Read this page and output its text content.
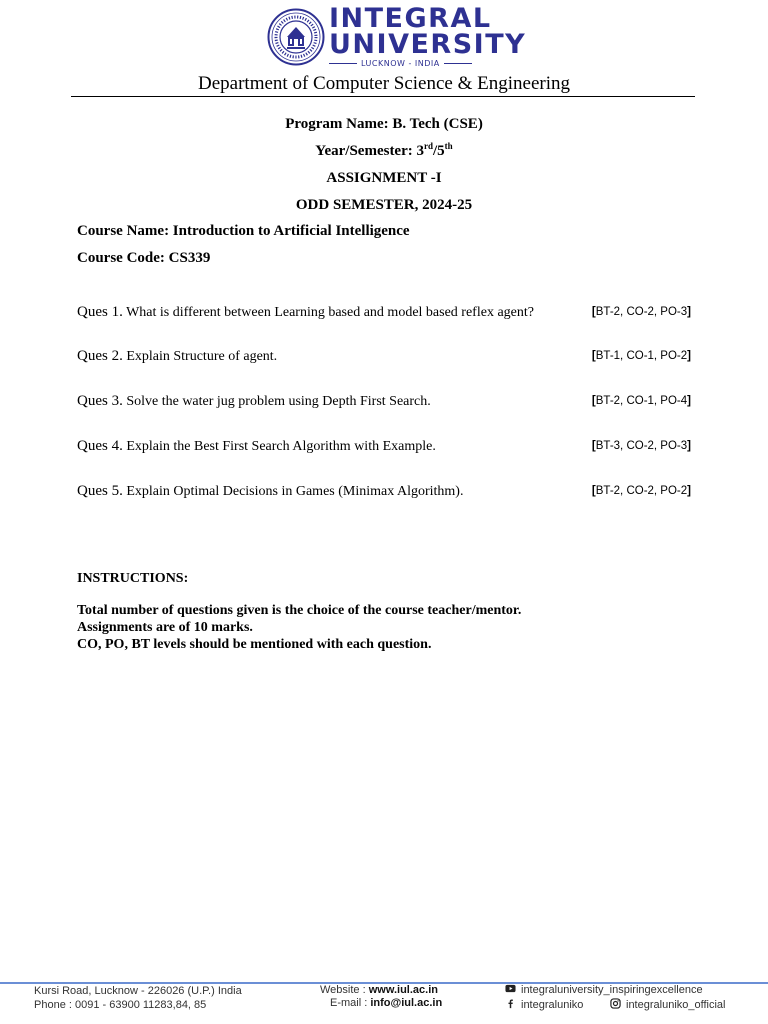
INTEGRAL
UNIVERSITY
LUCKNOW - INDIA
Department of Computer Science & Engineering
Program Name: B. Tech (CSE)
Year/Semester: 3rd/5th
ASSIGNMENT -I
ODD SEMESTER, 2024-25
Course Name: Introduction to Artificial Intelligence
Course Code: CS339
Ques 1. What is different between Learning based and model based reflex agent?	[BT-2, CO-2, PO-3]
Ques 2. Explain Structure of agent.	[BT-1, CO-1, PO-2]
Ques 3. Solve the water jug problem using Depth First Search.	[BT-2, CO-1, PO-4]
Ques 4. Explain the Best First Search Algorithm with Example.	[BT-3, CO-2, PO-3]
Ques 5. Explain Optimal Decisions in Games (Minimax Algorithm).	[BT-2, CO-2, PO-2]
INSTRUCTIONS:
Total number of questions given is the choice of the course teacher/mentor.
Assignments are of 10 marks.
CO, PO, BT levels should be mentioned with each question.
Kursi Road, Lucknow - 226026 (U.P.) India
Phone : 0091 - 63900 11283,84, 85
Website : www.iul.ac.in
E-mail : info@iul.ac.in
integraluniversity_inspiringexcellence
integraluniko	integraluniko_official
